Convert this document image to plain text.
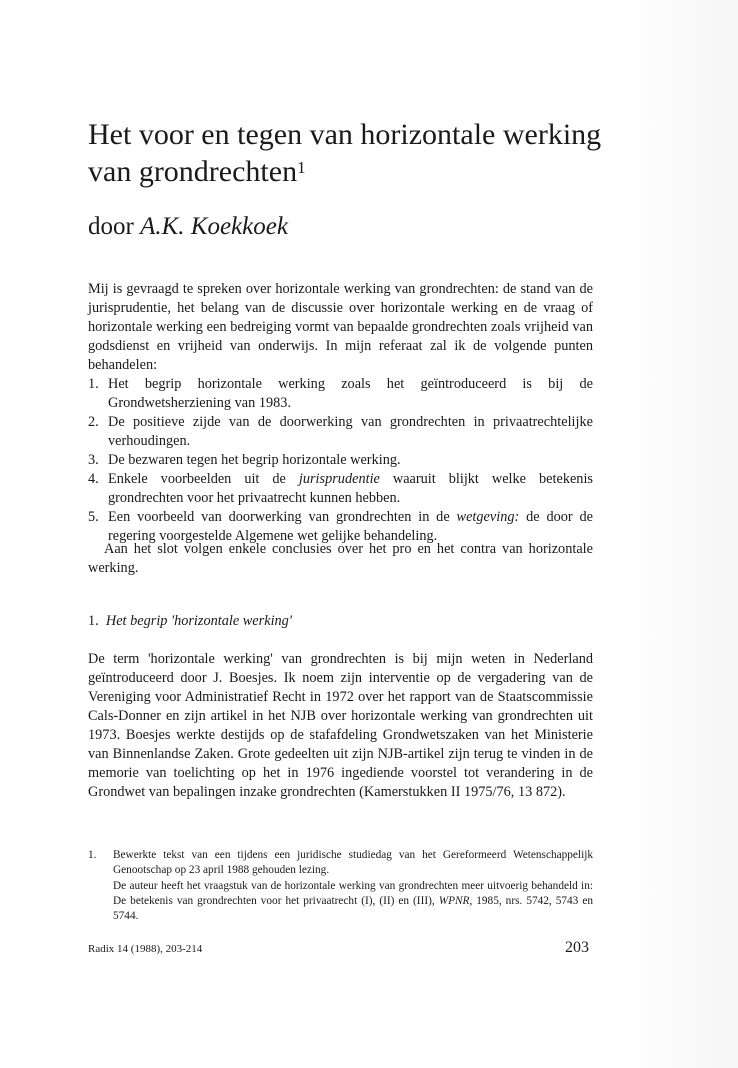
Het voor en tegen van horizontale werking van grondrechten$^1$
door A.K. Koekkoek

Mij is gevraagd te spreken over horizontale werking van grondrechten: de stand van de jurisprudentie, het belang van de discussie over horizontale werking en de vraag of horizontale werking een bedreiging vormt van bepaalde grondrechten zoals vrijheid van godsdienst en vrijheid van onderwijs. In mijn referaat zal ik de volgende punten behandelen:

1. Het begrip horizontale werking zoals het geïntroduceerd is bij de Grondwetsherziening van 1983.
2. De positieve zijde van de doorwerking van grondrechten in privaatrechtelijke verhoudingen.
3. De bezwaren tegen het begrip horizontale werking.
4. Enkele voorbeelden uit de jurisprudentie waaruit blijkt welke betekenis grondrechten voor het privaatrecht kunnen hebben.
5. Een voorbeeld van doorwerking van grondrechten in de wetgeving: de door de regering voorgestelde Algemene wet gelijke behandeling.

Aan het slot volgen enkele conclusies over het pro en het contra van horizontale werking.

1. Het begrip 'horizontale werking'

De term 'horizontale werking' van grondrechten is bij mijn weten in Nederland geïntroduceerd door J. Boesjes. Ik noem zijn interventie op de vergadering van de Vereniging voor Administratief Recht in 1972 over het rapport van de Staatscommissie Cals-Donner en zijn artikel in het NJB over horizontale werking van grondrechten uit 1973. Boesjes werkte destijds op de stafafdeling Grondwetszaken van het Ministerie van Binnenlandse Zaken. Grote gedeelten uit zijn NJB-artikel zijn terug te vinden in de memorie van toelichting op het in 1976 ingediende voorstel tot verandering in de Grondwet van bepalingen inzake grondrechten (Kamerstukken II 1975/76, 13 872).

1. Bewerkte tekst van een tijdens een juridische studiedag van het Gereformeerd Wetenschappelijk Genootschap op 23 april 1988 gehouden lezing.
De auteur heeft het vraagstuk van de horizontale werking van grondrechten meer uitvoerig behandeld in: De betekenis van grondrechten voor het privaatrecht (I), (II) en (III), WPNR, 1985, nrs. 5742, 5743 en 5744.
Radix 14 (1988), 203-214	203
